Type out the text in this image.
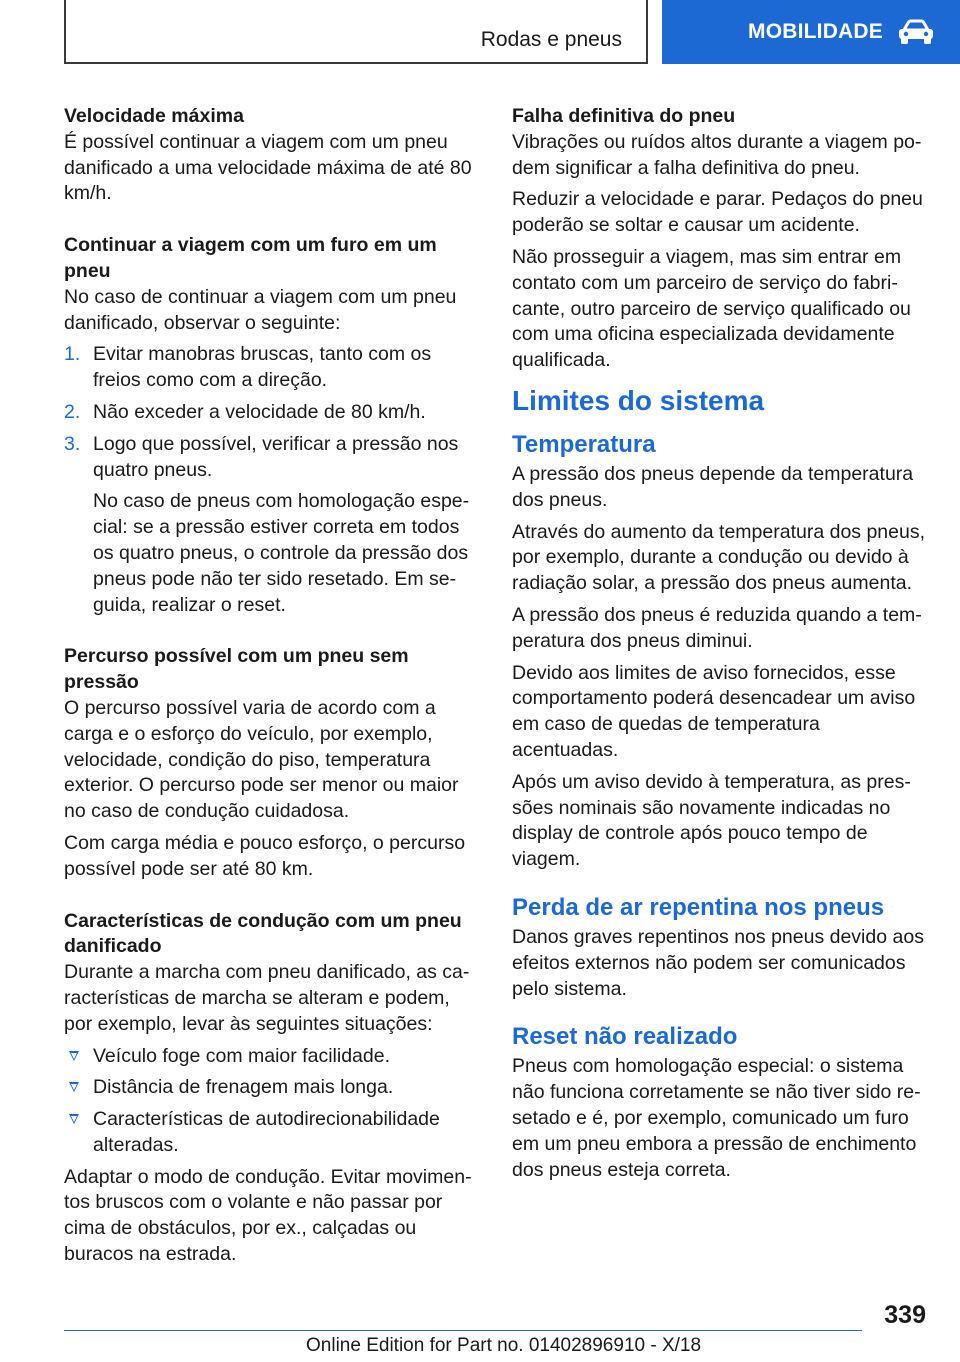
Rodas e pneus	MOBILIDADE
Velocidade máxima

É possível continuar a viagem com um pneu danificado a uma velocidade máxima de até 80 km/h.

Continuar a viagem com um furo em um pneu

No caso de continuar a viagem com um pneu danificado, observar o seguinte:

1. Evitar manobras bruscas, tanto com os freios como com a direção.
2. Não exceder a velocidade de 80 km/h.
3. Logo que possível, verificar a pressão nos quatro pneus.

No caso de pneus com homologação especial: se a pressão estiver correta em todos os quatro pneus, o controle da pressão dos pneus pode não ter sido resetado. Em seguida, realizar o reset.

Percurso possível com um pneu sem pressão

O percurso possível varia de acordo com a carga e o esforço do veículo, por exemplo, velocidade, condição do piso, temperatura exterior. O percurso pode ser menor ou maior no caso de condução cuidadosa.

Com carga média e pouco esforço, o percurso possível pode ser até 80 km.

Características de condução com um pneu danificado

Durante a marcha com pneu danificado, as características de marcha se alteram e podem, por exemplo, levar às seguintes situações:

Veículo foge com maior facilidade.
Distância de frenagem mais longa.
Características de autodirecionabilidade alteradas.

Adaptar o modo de condução. Evitar movimentos bruscos com o volante e não passar por cima de obstáculos, por ex., calçadas ou buracos na estrada.

Falha definitiva do pneu

Vibrações ou ruídos altos durante a viagem podem significar a falha definitiva do pneu.

Reduzir a velocidade e parar. Pedaços do pneu poderão se soltar e causar um acidente.

Não prosseguir a viagem, mas sim entrar em contato com um parceiro de serviço do fabricante, outro parceiro de serviço qualificado ou com uma oficina especializada devidamente qualificada.

Limites do sistema
Temperatura

A pressão dos pneus depende da temperatura dos pneus.

Através do aumento da temperatura dos pneus, por exemplo, durante a condução ou devido à radiação solar, a pressão dos pneus aumenta.

A pressão dos pneus é reduzida quando a temperatura dos pneus diminui.

Devido aos limites de aviso fornecidos, esse comportamento poderá desencadear um aviso em caso de quedas de temperatura acentuadas.

Após um aviso devido à temperatura, as pressões nominais são novamente indicadas no display de controle após pouco tempo de viagem.

Perda de ar repentina nos pneus

Danos graves repentinos nos pneus devido aos efeitos externos não podem ser comunicados pelo sistema.

Reset não realizado

Pneus com homologação especial: o sistema não funciona corretamente se não tiver sido resetado e é, por exemplo, comunicado um furo em um pneu embora a pressão de enchimento dos pneus esteja correta.

339
Online Edition for Part no. 01402896910 - X/18
